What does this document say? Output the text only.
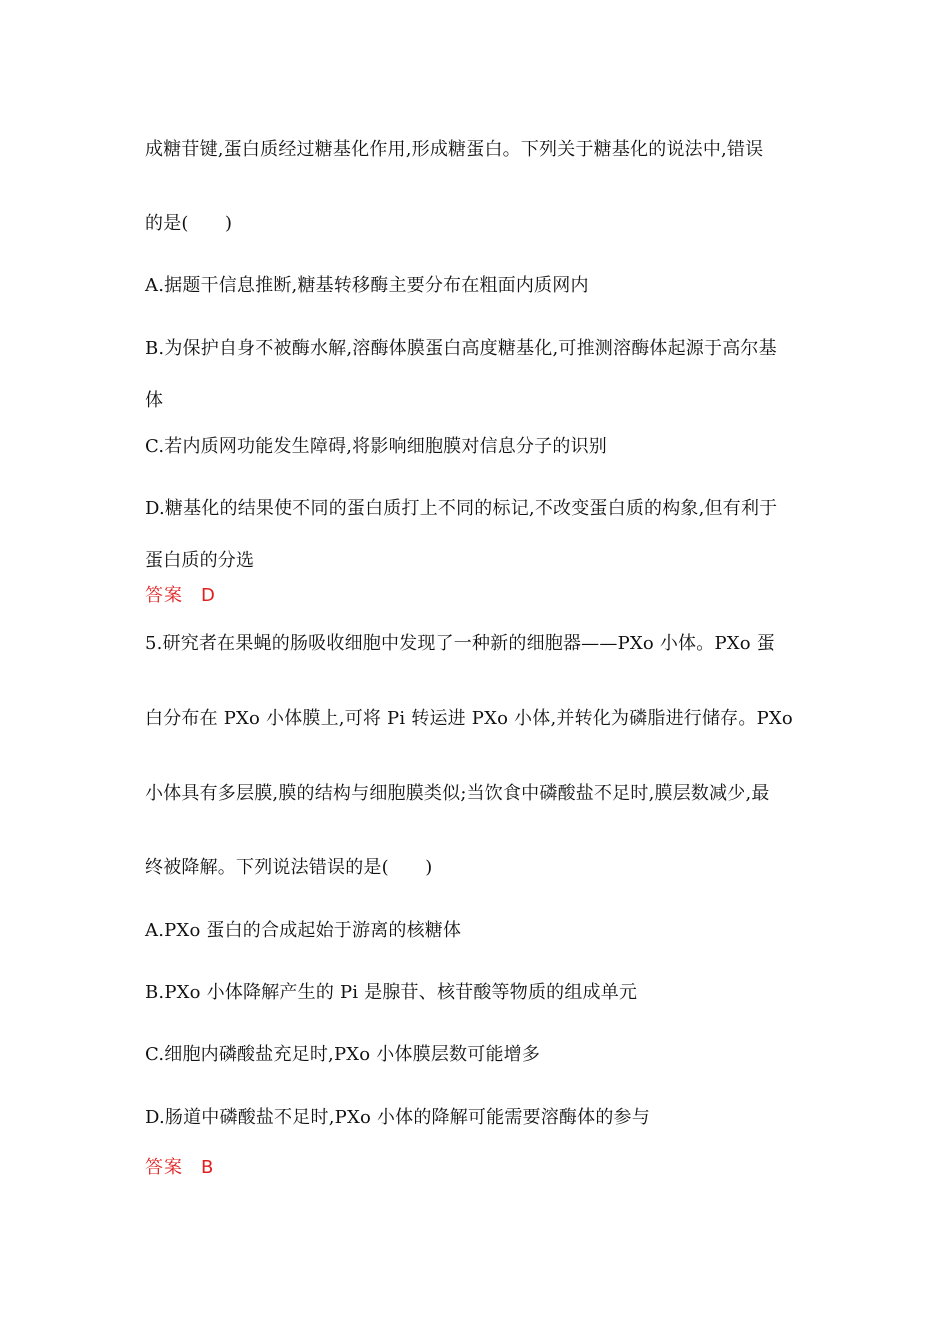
成糖苷键,蛋白质经过糖基化作用,形成糖蛋白。下列关于糖基化的说法中,错误
的是(　　)
A.据题干信息推断,糖基转移酶主要分布在粗面内质网内
B.为保护自身不被酶水解,溶酶体膜蛋白高度糖基化,可推测溶酶体起源于高尔基
体
C.若内质网功能发生障碍,将影响细胞膜对信息分子的识别
D.糖基化的结果使不同的蛋白质打上不同的标记,不改变蛋白质的构象,但有利于
蛋白质的分选
答案 D
5.研究者在果蝇的肠吸收细胞中发现了一种新的细胞器——PXo 小体。PXo 蛋
白分布在 PXo 小体膜上,可将 Pi 转运进 PXo 小体,并转化为磷脂进行储存。PXo
小体具有多层膜,膜的结构与细胞膜类似;当饮食中磷酸盐不足时,膜层数减少,最
终被降解。下列说法错误的是(　　)
A.PXo 蛋白的合成起始于游离的核糖体
B.PXo 小体降解产生的 Pi 是腺苷、核苷酸等物质的组成单元
C.细胞内磷酸盐充足时,PXo 小体膜层数可能增多
D.肠道中磷酸盐不足时,PXo 小体的降解可能需要溶酶体的参与
答案 B
